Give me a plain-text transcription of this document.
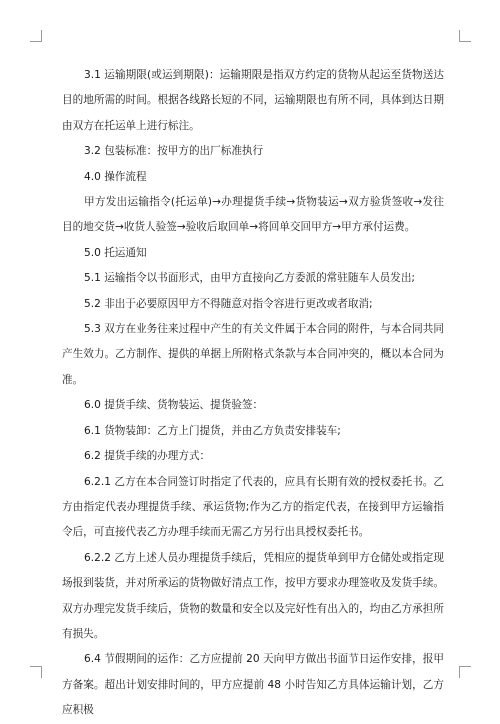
3.1 运输期限(或运到期限)：运输期限是指双方约定的货物从起运至货物送达目的地所需的时间。根据各线路长短的不同，运输期限也有所不同，具体到达日期由双方在托运单上进行标注。

3.2 包装标准：按甲方的出厂标准执行

4.0 操作流程

甲方发出运输指令(托运单)→办理提货手续→货物装运→双方验货签收→发往目的地交货→收货人验签→验收后取回单→将回单交回甲方→甲方承付运费。

5.0 托运通知

5.1 运输指令以书面形式，由甲方直接向乙方委派的常驻随车人员发出;

5.2 非出于必要原因甲方不得随意对指令容进行更改或者取消;

5.3 双方在业务往来过程中产生的有关文件属于本合同的附件，与本合同共同产生效力。乙方制作、提供的单据上所附格式条款与本合同冲突的，概以本合同为准。

6.0 提货手续、货物装运、提货验签：

6.1 货物装卸：乙方上门提货，并由乙方负责安排装车;

6.2 提货手续的办理方式：

6.2.1 乙方在本合同签订时指定了代表的，应具有长期有效的授权委托书。乙方由指定代表办理提货手续、承运货物;作为乙方的指定代表，在接到甲方运输指令后，可直接代表乙方办理手续而无需乙方另行出具授权委托书。

6.2.2 乙方上述人员办理提货手续后，凭相应的提货单到甲方仓储处或指定现场报到装货，并对所承运的货物做好清点工作，按甲方要求办理签收及发货手续。双方办理完发货手续后，货物的数量和安全以及完好性有出入的，均由乙方承担所有损失。

6.4 节假期间的运作：乙方应提前 20 天向甲方做出书面节日运作安排，报甲方备案。超出计划安排时间的，甲方应提前 48 小时告知乙方具体运输计划，乙方应积极
